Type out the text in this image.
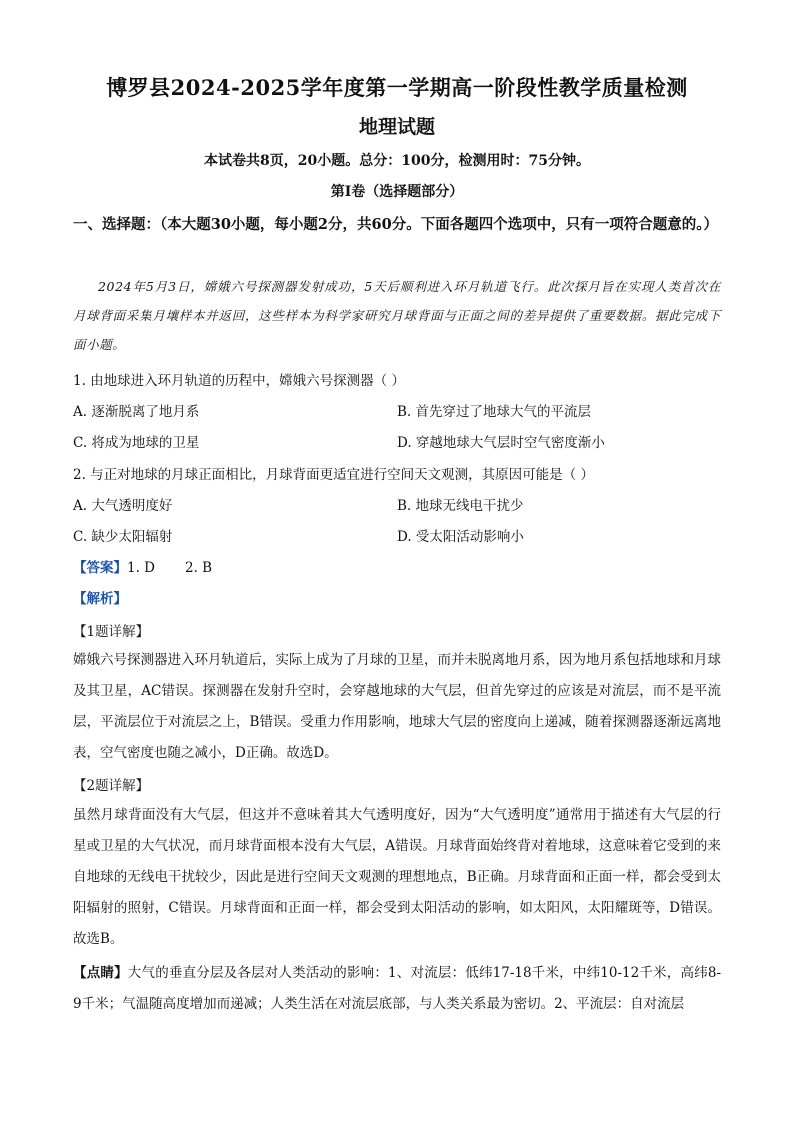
博罗县2024-2025学年度第一学期高一阶段性教学质量检测
地理试题
本试卷共8页，20小题。总分：100分，检测用时：75分钟。
第Ⅰ卷（选择题部分）
一、选择题：（本大题30小题，每小题2分，共60分。下面各题四个选项中，只有一项符合题意的。）
2024年5月3日，嫦娥六号探测器发射成功，5天后顺利进入环月轨道飞行。此次探月旨在实现人类首次在月球背面采集月壤样本并返回，这些样本为科学家研究月球背面与正面之间的差异提供了重要数据。据此完成下面小题。
1. 由地球进入环月轨道的历程中，嫦娥六号探测器（ ）
A. 逐渐脱离了地月系	B. 首先穿过了地球大气的平流层
C. 将成为地球的卫星	D. 穿越地球大气层时空气密度渐小
2. 与正对地球的月球正面相比，月球背面更适宜进行空间天文观测，其原因可能是（ ）
A. 大气透明度好	B. 地球无线电干扰少
C. 缺少太阳辐射	D. 受太阳活动影响小
【答案】1. D 2. B
【解析】
【1题详解】
嫦娥六号探测器进入环月轨道后，实际上成为了月球的卫星，而并未脱离地月系，因为地月系包括地球和月球及其卫星，AC错误。探测器在发射升空时，会穿越地球的大气层，但首先穿过的应该是对流层，而不是平流层，平流层位于对流层之上，B错误。受重力作用影响，地球大气层的密度向上递减，随着探测器逐渐远离地表，空气密度也随之减小，D正确。故选D。
【2题详解】
虽然月球背面没有大气层，但这并不意味着其大气透明度好，因为“大气透明度”通常用于描述有大气层的行星或卫星的大气状况，而月球背面根本没有大气层，A错误。月球背面始终背对着地球，这意味着它受到的来自地球的无线电干扰较少，因此是进行空间天文观测的理想地点，B正确。月球背面和正面一样，都会受到太阳辐射的照射，C错误。月球背面和正面一样，都会受到太阳活动的影响，如太阳风，太阳耀斑等，D错误。故选B。
【点睛】大气的垂直分层及各层对人类活动的影响：1、对流层：低纬17-18千米，中纬10-12千米，高纬8-9千米；气温随高度增加而递减；人类生活在对流层底部，与人类关系最为密切。2、平流层：自对流层
